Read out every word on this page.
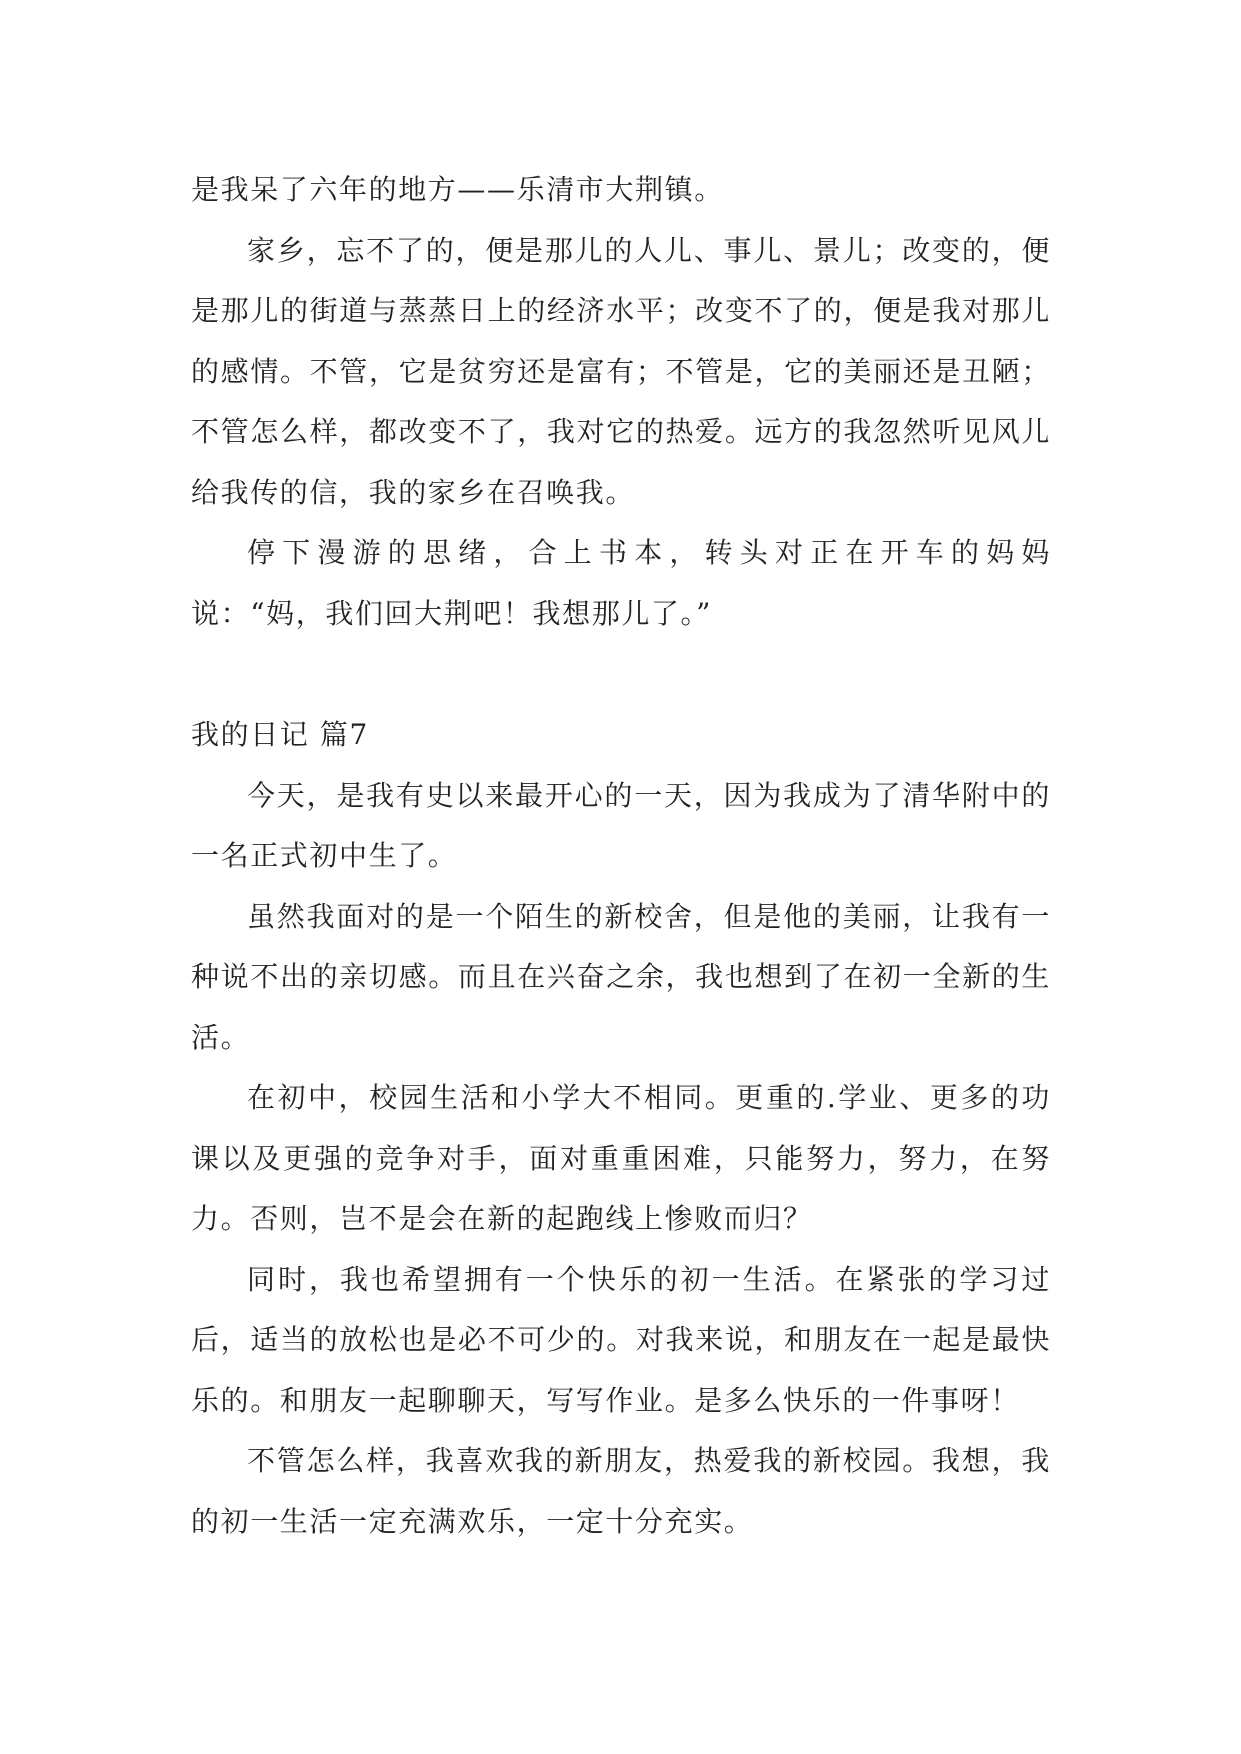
是我呆了六年的地方——乐清市大荆镇。

家乡，忘不了的，便是那儿的人儿、事儿、景儿；改变的，便是那儿的街道与蒸蒸日上的经济水平；改变不了的，便是我对那儿的感情。不管，它是贫穷还是富有；不管是，它的美丽还是丑陋；不管怎么样，都改变不了，我对它的热爱。远方的我忽然听见风儿给我传的信，我的家乡在召唤我。

停下漫游的思绪，合上书本，转头对正在开车的妈妈说：“妈，我们回大荆吧！我想那儿了。”

我的日记 篇7

今天，是我有史以来最开心的一天，因为我成为了清华附中的一名正式初中生了。

虽然我面对的是一个陌生的新校舍，但是他的美丽，让我有一种说不出的亲切感。而且在兴奋之余，我也想到了在初一全新的生活。

在初中，校园生活和小学大不相同。更重的.学业、更多的功课以及更强的竞争对手，面对重重困难，只能努力，努力，在努力。否则，岂不是会在新的起跑线上惨败而归？

同时，我也希望拥有一个快乐的初一生活。在紧张的学习过后，适当的放松也是必不可少的。对我来说，和朋友在一起是最快乐的。和朋友一起聊聊天，写写作业。是多么快乐的一件事呀！

不管怎么样，我喜欢我的新朋友，热爱我的新校园。我想，我的初一生活一定充满欢乐，一定十分充实。
